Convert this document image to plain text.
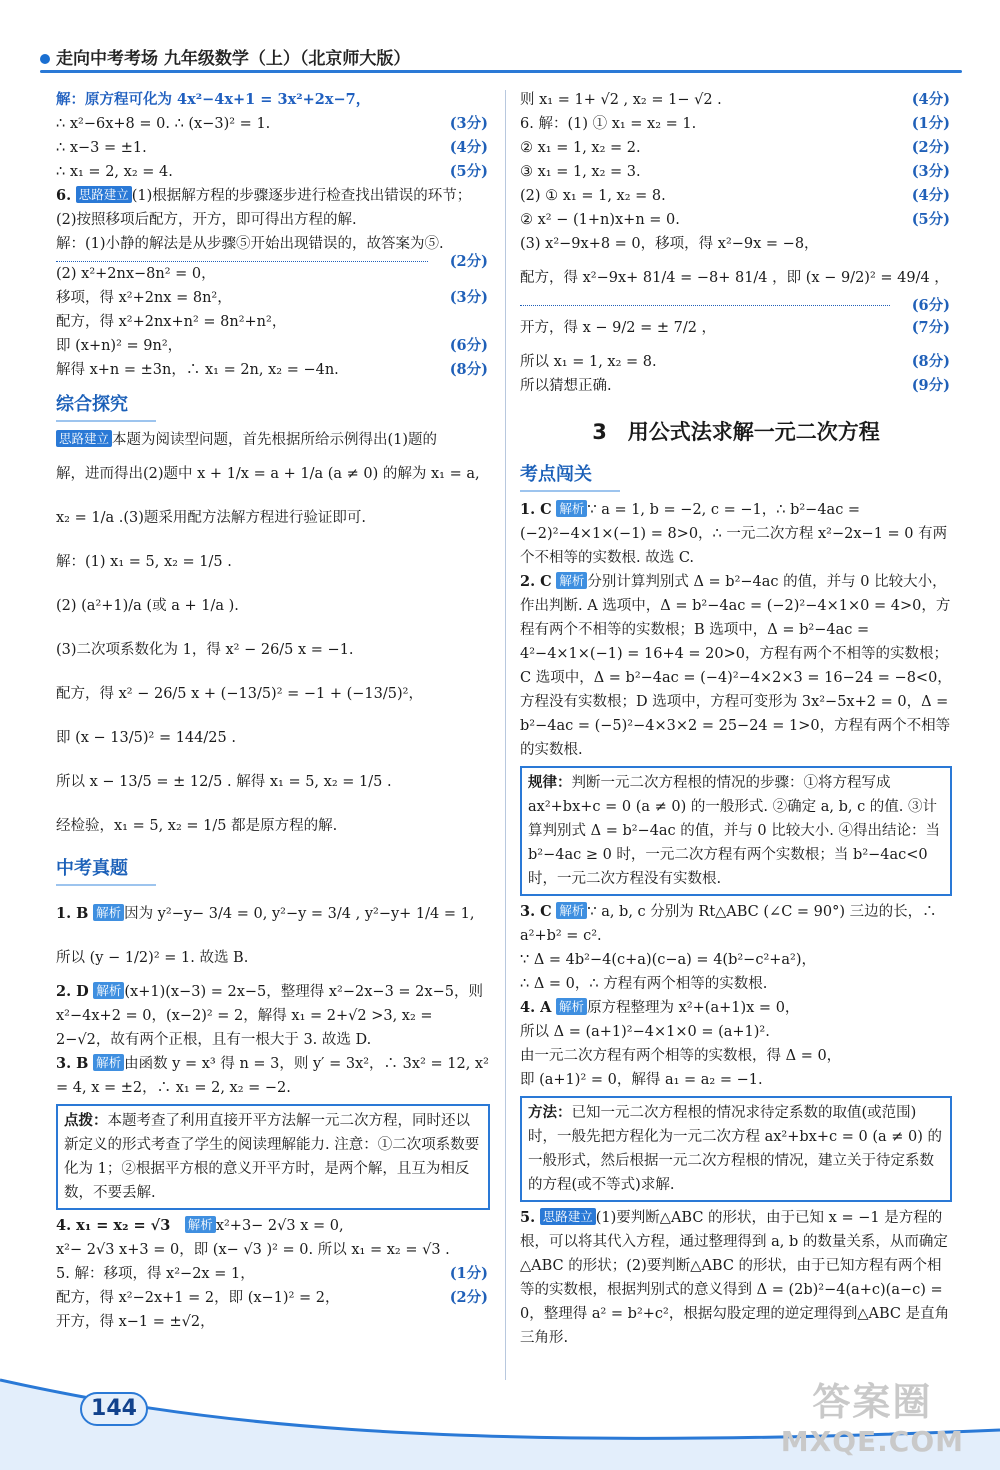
走向中考考场 九年级数学（上）（北京师大版）
解：原方程可化为 4x²−4x+1 = 3x²+2x−7，
∴ x²−6x+8 = 0. ∴ (x−3)² = 1.	(3分)
∴ x−3 = ±1.	(4分)
∴ x₁ = 2, x₂ = 4.	(5分)
6. 思路建立 (1)根据解方程的步骤逐步进行检查找出错误的环节；(2)按照移项后配方，开方，即可得出方程的解.
解：(1)小静的解法是从步骤⑤开始出现错误的，故答案为⑤.
(2分)
(2) x²+2nx−8n² = 0，
移项，得 x²+2nx = 8n²，	(3分)
配方，得 x²+2nx+n² = 8n²+n²，
即 (x+n)² = 9n²，	(6分)
解得 x+n = ±3n，∴ x₁ = 2n, x₂ = −4n.	(8分)
综合探究
思路建立 本题为阅读型问题，首先根据所给示例得出(1)题的
解，进而得出(2)题中 x + 1/x = a + 1/a (a ≠ 0) 的解为 x₁ = a,
x₂ = 1/a .(3)题采用配方法解方程进行验证即可.
解：(1) x₁ = 5, x₂ = 1/5 .
(2) (a²+1)/a (或 a + 1/a ).
(3)二次项系数化为 1，得 x² − 26/5 x = −1.
配方，得 x² − 26/5 x + (−13/5)² = −1 + (−13/5)²，
即 (x − 13/5)² = 144/25 .
所以 x − 13/5 = ± 12/5 . 解得 x₁ = 5, x₂ = 1/5 .
经检验，x₁ = 5, x₂ = 1/5 都是原方程的解.
中考真题
1. B 解析 因为 y²−y− 3/4 = 0, y²−y = 3/4 , y²−y+ 1/4 = 1,
所以 (y − 1/2)² = 1. 故选 B.
2. D 解析 (x+1)(x−3) = 2x−5，整理得 x²−2x−3 = 2x−5，则 x²−4x+2 = 0，(x−2)² = 2，解得 x₁ = 2+√2 >3, x₂ = 2−√2，故有两个正根，且有一根大于 3. 故选 D.
3. B 解析 由函数 y = x³ 得 n = 3，则 y′ = 3x²，∴ 3x² = 12, x² = 4, x = ±2，∴ x₁ = 2, x₂ = −2.
点拨：本题考查了利用直接开平方法解一元二次方程，同时还以新定义的形式考查了学生的阅读理解能力. 注意：①二次项系数要化为 1；②根据平方根的意义开平方时，是两个解，且互为相反数，不要丢解.
4. x₁ = x₂ = √3　 解析 x²+3− 2√3 x = 0,
x²− 2√3 x+3 = 0，即 (x− √3 )² = 0. 所以 x₁ = x₂ = √3 .
5. 解：移项，得 x²−2x = 1，	(1分)
配方，得 x²−2x+1 = 2，即 (x−1)² = 2，	(2分)
开方，得 x−1 = ±√2，
则 x₁ = 1+ √2 , x₂ = 1− √2 .	(4分)
6. 解：(1) ① x₁ = x₂ = 1.	(1分)
② x₁ = 1, x₂ = 2.	(2分)
③ x₁ = 1, x₂ = 3.	(3分)
(2) ① x₁ = 1, x₂ = 8.	(4分)
② x² − (1+n)x+n = 0.	(5分)
(3) x²−9x+8 = 0，移项，得 x²−9x = −8，
配方，得 x²−9x+ 81/4 = −8+ 81/4 ，即 (x − 9/2)² = 49/4 ，
(6分)
开方，得 x − 9/2 = ± 7/2 ，	(7分)
所以 x₁ = 1, x₂ = 8.	(8分)
所以猜想正确.	(9分)
3　用公式法求解一元二次方程
考点闯关
1. C 解析 ∵ a = 1, b = −2, c = −1，∴ b²−4ac = (−2)²−4×1×(−1) = 8>0，∴ 一元二次方程 x²−2x−1 = 0 有两个不相等的实数根. 故选 C.
2. C 解析 分别计算判别式 Δ = b²−4ac 的值，并与 0 比较大小，作出判断. A 选项中，Δ = b²−4ac = (−2)²−4×1×0 = 4>0，方程有两个不相等的实数根；B 选项中，Δ = b²−4ac = 4²−4×1×(−1) = 16+4 = 20>0，方程有两个不相等的实数根；C 选项中，Δ = b²−4ac = (−4)²−4×2×3 = 16−24 = −8<0，方程没有实数根；D 选项中，方程可变形为 3x²−5x+2 = 0，Δ = b²−4ac = (−5)²−4×3×2 = 25−24 = 1>0，方程有两个不相等的实数根.
规律：判断一元二次方程根的情况的步骤：①将方程写成 ax²+bx+c = 0 (a ≠ 0) 的一般形式. ②确定 a, b, c 的值. ③计算判别式 Δ = b²−4ac 的值，并与 0 比较大小. ④得出结论：当 b²−4ac ≥ 0 时，一元二次方程有两个实数根；当 b²−4ac<0 时，一元二次方程没有实数根.
3. C 解析 ∵ a, b, c 分别为 Rt△ABC (∠C = 90°) 三边的长，∴ a²+b² = c².
∵ Δ = 4b²−4(c+a)(c−a) = 4(b²−c²+a²)，
∴ Δ = 0，∴ 方程有两个相等的实数根.
4. A 解析 原方程整理为 x²+(a+1)x = 0，
所以 Δ = (a+1)²−4×1×0 = (a+1)².
由一元二次方程有两个相等的实数根，得 Δ = 0，
即 (a+1)² = 0，解得 a₁ = a₂ = −1.
方法：已知一元二次方程根的情况求待定系数的取值(或范围)时，一般先把方程化为一元二次方程 ax²+bx+c = 0 (a ≠ 0) 的一般形式，然后根据一元二次方程根的情况，建立关于待定系数的方程(或不等式)求解.
5. 思路建立 (1)要判断△ABC 的形状，由于已知 x = −1 是方程的根，可以将其代入方程，通过整理得到 a, b 的数量关系，从而确定△ABC 的形状；(2)要判断△ABC 的形状，由于已知方程有两个相等的实数根，根据判别式的意义得到 Δ = (2b)²−4(a+c)(a−c) = 0，整理得 a² = b²+c²，根据勾股定理的逆定理得到△ABC 是直角三角形.
144	答案圈
MXQE.COM
